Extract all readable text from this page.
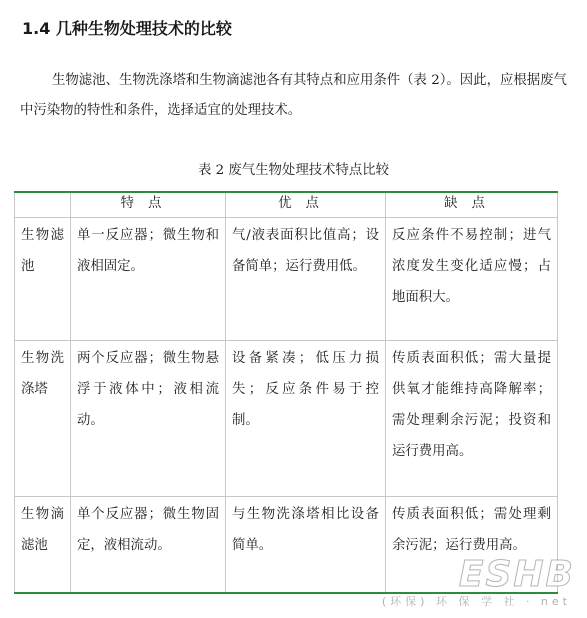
1.4 几种生物处理技术的比较

生物滤池、生物洗涤塔和生物滴滤池各有其特点和应用条件（表 2）。因此，应根据废气中污染物的特性和条件，选择适宜的处理技术。

表 2 废气生物处理技术特点比较
	特点	优点	缺点
生物滤池	单一反应器；微生物和液相固定。	气/液表面积比值高；设备简单；运行费用低。	反应条件不易控制；进气浓度发生变化适应慢；占地面积大。
生物洗涤塔	两个反应器；微生物悬浮于液体中；液相流动。	设备紧凑；低压力损失；反应条件易于控制。	传质表面积低；需大量提供氧才能维持高降解率；需处理剩余污泥；投资和运行费用高。
生物滴滤池	单个反应器；微生物固定，液相流动。	与生物洗涤塔相比设备简单。	传质表面积低；需处理剩余污泥；运行费用高。
ESHB
(环保) 环 保 学 社 · net
